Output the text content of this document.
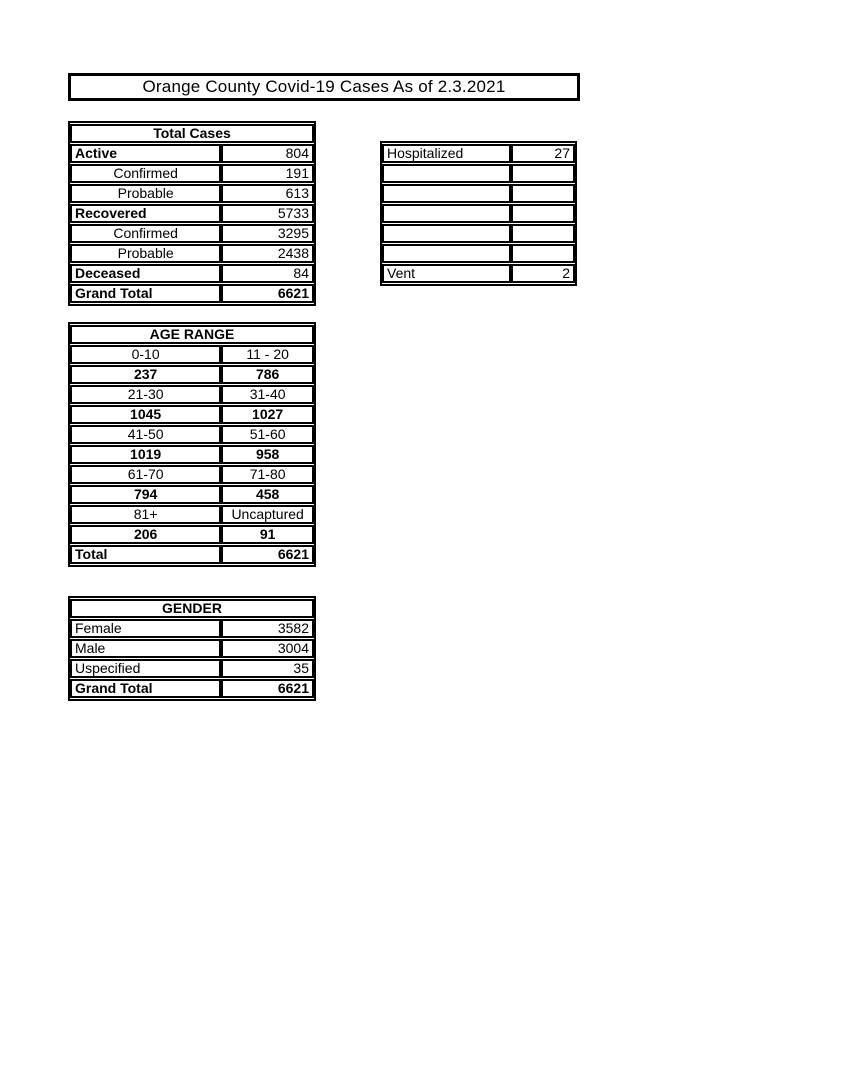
Orange County Covid-19 Cases As of 2.3.2021
Total Cases	
Active	804
Confirmed	191
Probable	613
Recovered	5733
Confirmed	3295
Probable	2438
Deceased	84
Grand Total	6621
Hospitalized	27

Vent	2
AGE RANGE	
0-10	11 - 20
237	786
21-30	31-40
1045	1027
41-50	51-60
1019	958
61-70	71-80
794	458
81+	Uncaptured
206	91
Total	6621
GENDER	
Female	3582
Male	3004
Uspecified	35
Grand Total	6621
